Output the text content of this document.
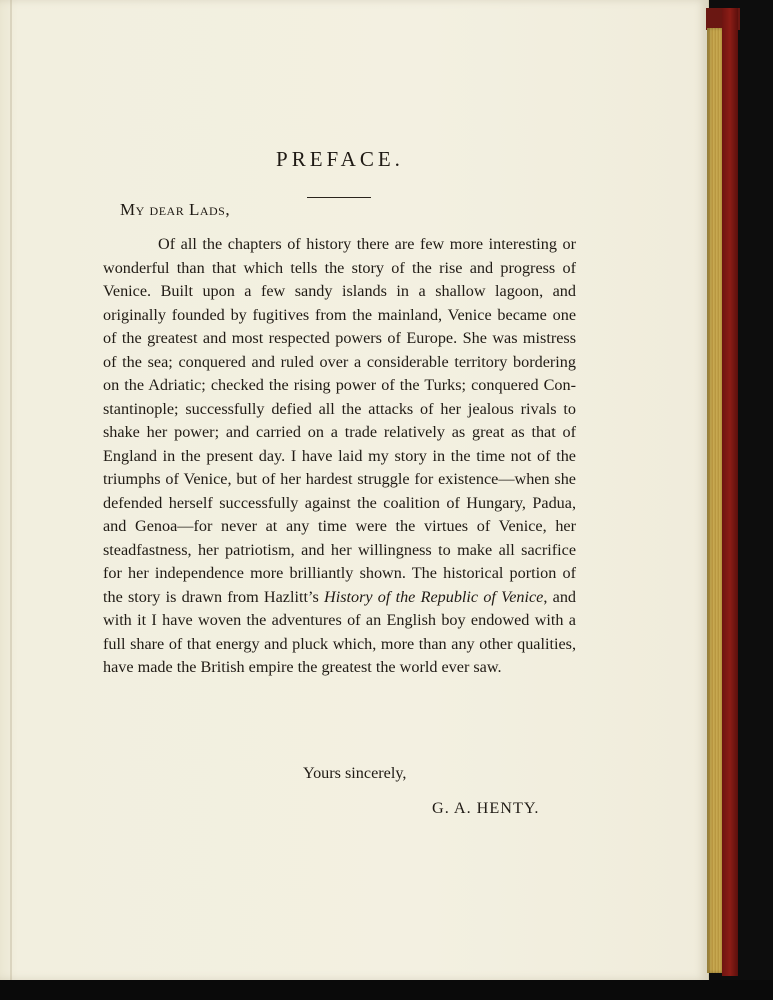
PREFACE.
My dear Lads,
Of all the chapters of history there are few more interesting or wonderful than that which tells the story of the rise and progress of Venice. Built upon a few sandy islands in a shallow lagoon, and originally founded by fugitives from the mainland, Venice became one of the greatest and most respected powers of Europe. She was mistress of the sea; conquered and ruled over a considerable territory bordering on the Adriatic; checked the rising power of the Turks; conquered Constantinople; successfully defied all the attacks of her jealous rivals to shake her power; and carried on a trade relatively as great as that of England in the present day. I have laid my story in the time not of the triumphs of Venice, but of her hardest struggle for existence—when she defended herself successfully against the coalition of Hungary, Padua, and Genoa—for never at any time were the virtues of Venice, her steadfastness, her patriotism, and her willingness to make all sacrifice for her independence more brilliantly shown. The historical portion of the story is drawn from Hazlitt’s History of the Republic of Venice, and with it I have woven the adventures of an English boy endowed with a full share of that energy and pluck which, more than any other qualities, have made the British empire the greatest the world ever saw.
Yours sincerely,
G. A. HENTY.
